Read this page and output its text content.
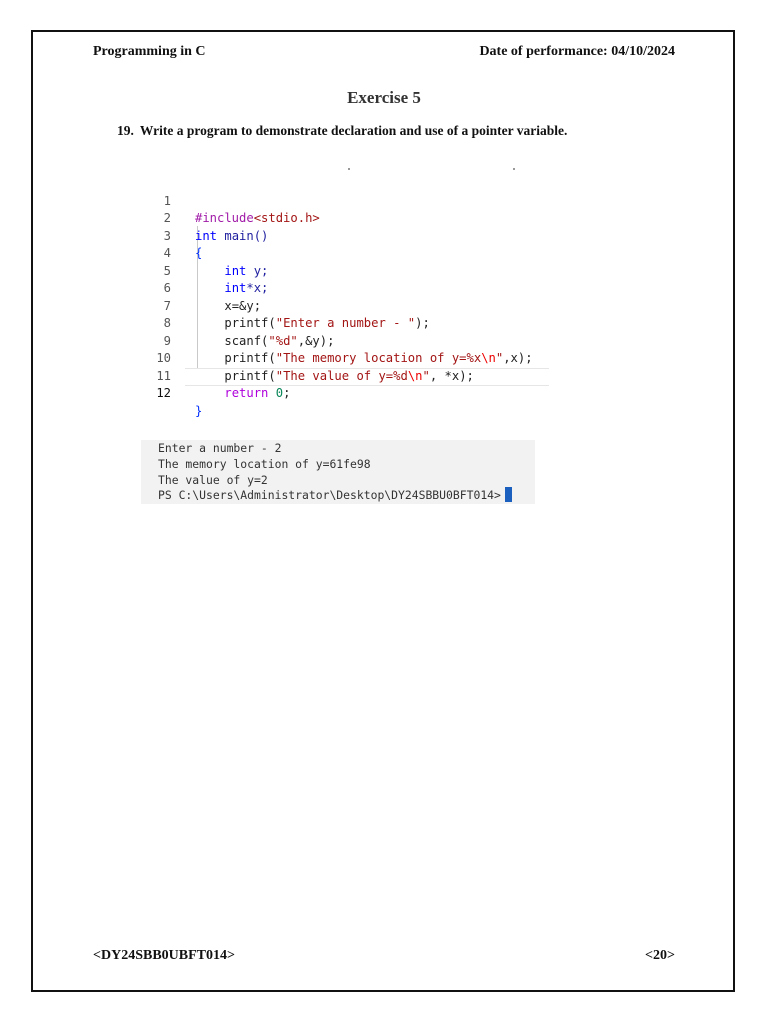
Programming in C	Date of performance: 04/10/2024
Exercise 5
19. Write a program to demonstrate declaration and use of a pointer variable.

1

#include<stdio.h>

2

int main()

3

{

4

int y;

5

int*x;

6

x=&y;

7

printf("Enter a number - ");

8

scanf("%d",&y);

9

printf("The memory location of y=%x\n",x);

10

printf("The value of y=%d\n", *x);

11

return 0;

12

}

Enter a number - 2
The memory location of y=61fe98
The value of y=2
PS C:\Users\Administrator\Desktop\DY24SBBU0BFT014>
<DY24SBB0UBFT014>	<20>
